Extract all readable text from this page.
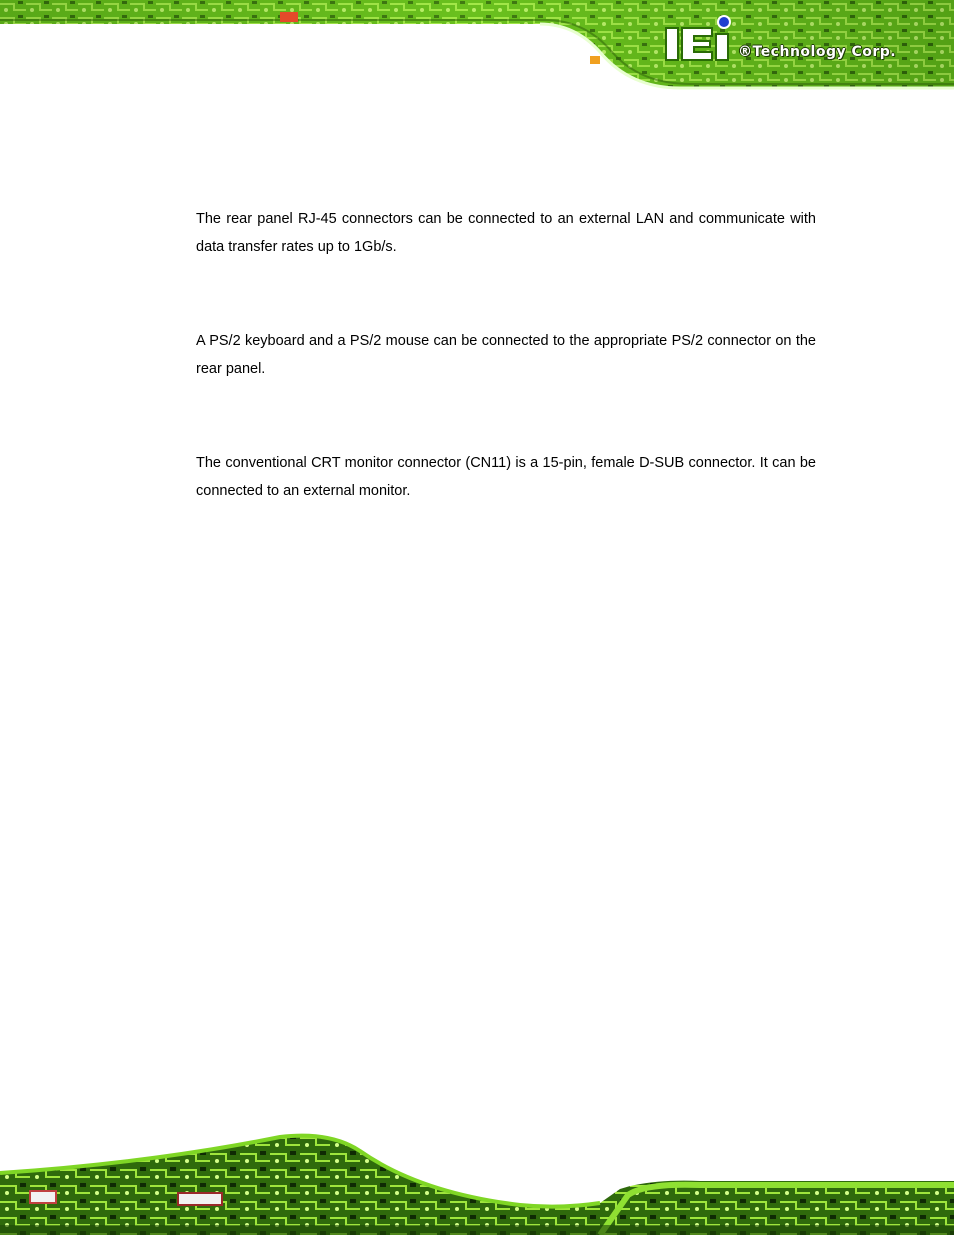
®Technology Corp.

The rear panel RJ-45 connectors can be connected to an external LAN and communicate with data transfer rates up to 1Gb/s.

A PS/2 keyboard and a PS/2 mouse can be connected to the appropriate PS/2 connector on the rear panel.

The conventional CRT monitor connector (CN11) is a 15-pin, female D-SUB connector. It can be connected to an external monitor.
